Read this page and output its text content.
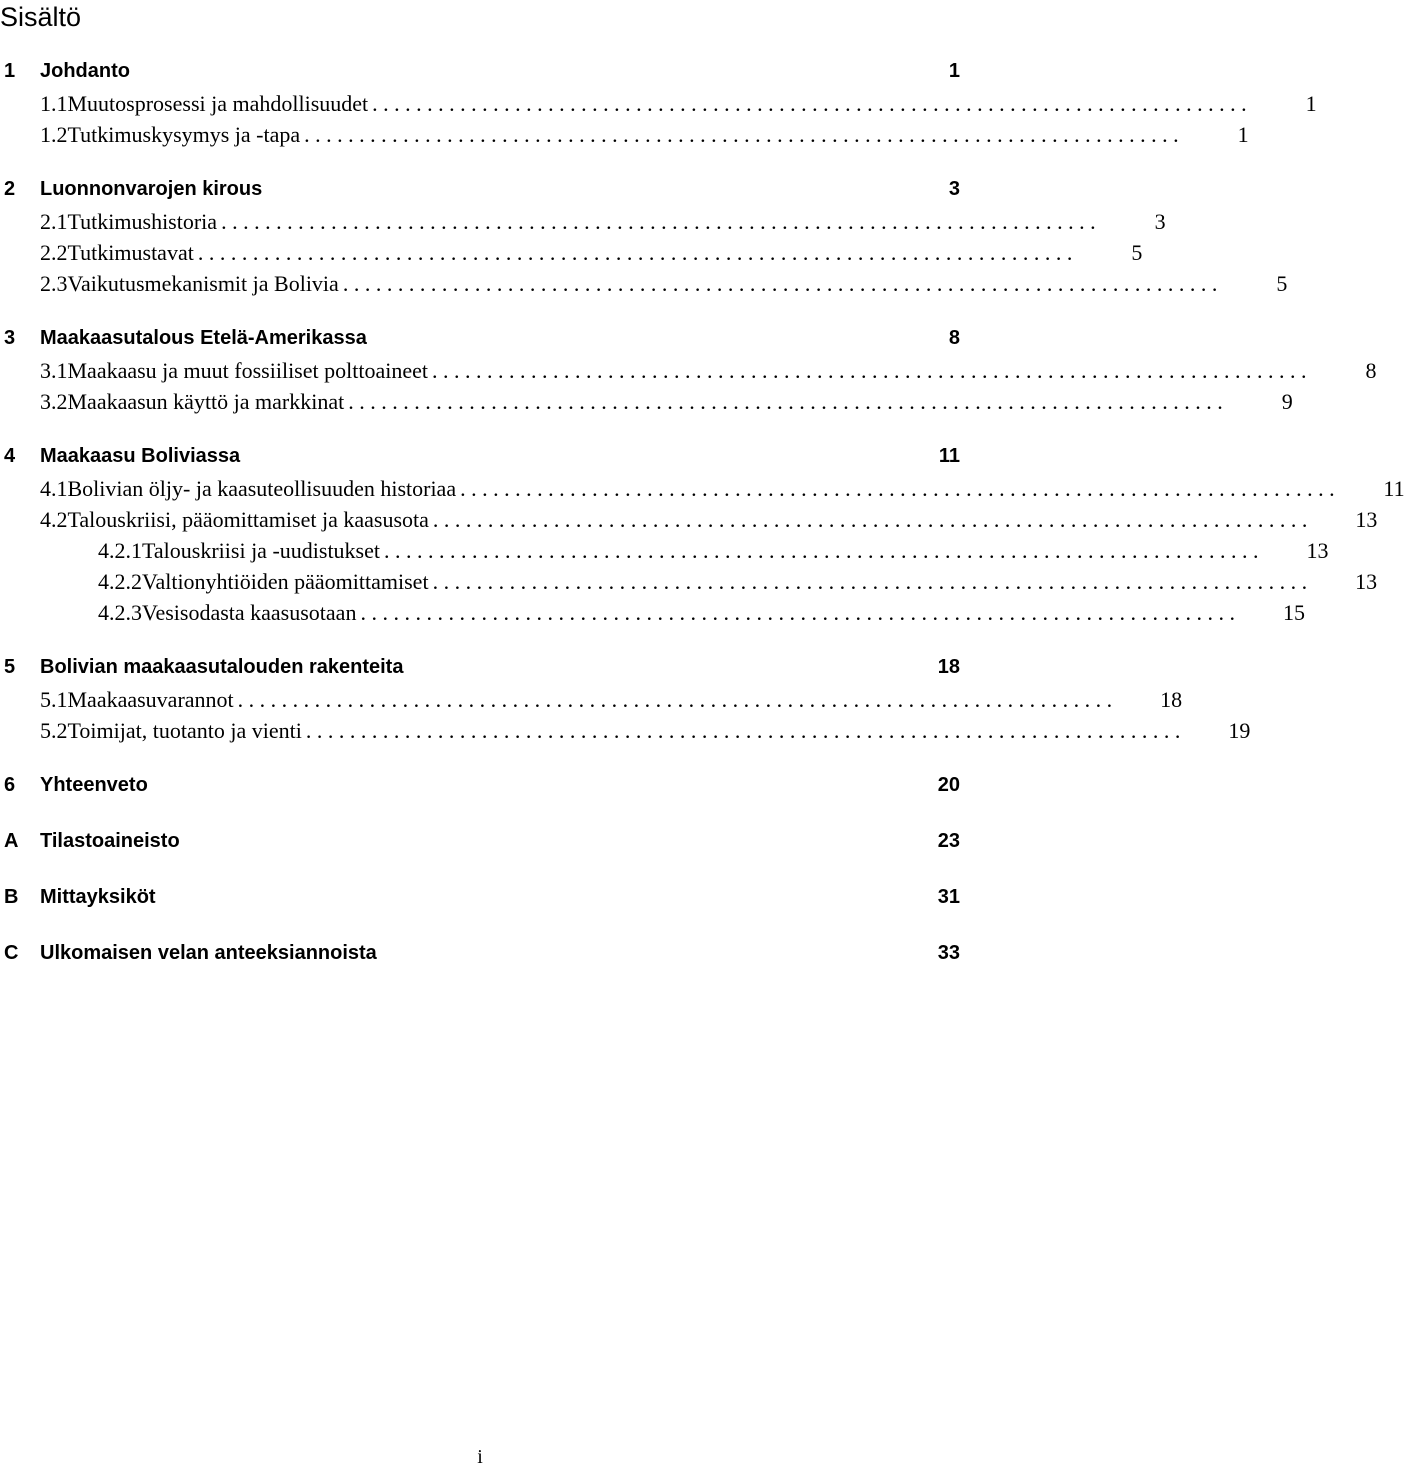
Sisältö
1	Johdanto	1
1.1 Muutosprosessi ja mahdollisuudet . . . . . . . . . . . . . . . . . . . . . . . . . . . . . . . . . . . . . . . . . . . . . . . . . . . . . . . . . . . . . . . . . . . . . . . . . . . . . . . .	1
1.2 Tutkimuskysymys ja -tapa . . . . . . . . . . . . . . . . . . . . . . . . . . . . . . . . . . . . . . . . . . . . . . . . . . . . . . . . . . . . . . . . . . . . . . . . . . . . . . . .	1
2	Luonnonvarojen kirous	3
2.1 Tutkimushistoria . . . . . . . . . . . . . . . . . . . . . . . . . . . . . . . . . . . . . . . . . . . . . . . . . . . . . . . . . . . . . . . . . . . . . . . . . . . . . . . .	3
2.2 Tutkimustavat . . . . . . . . . . . . . . . . . . . . . . . . . . . . . . . . . . . . . . . . . . . . . . . . . . . . . . . . . . . . . . . . . . . . . . . . . . . . . . . .	5
2.3 Vaikutusmekanismit ja Bolivia . . . . . . . . . . . . . . . . . . . . . . . . . . . . . . . . . . . . . . . . . . . . . . . . . . . . . . . . . . . . . . . . . . . . . . . . . . . . . . . .	5
3	Maakaasutalous Etelä-Amerikassa	8
3.1 Maakaasu ja muut fossiiliset polttoaineet . . . . . . . . . . . . . . . . . . . . . . . . . . . . . . . . . . . . . . . . . . . . . . . . . . . . . . . . . . . . . . . . . . . . . . . . . . . . . . . .	8
3.2 Maakaasun käyttö ja markkinat . . . . . . . . . . . . . . . . . . . . . . . . . . . . . . . . . . . . . . . . . . . . . . . . . . . . . . . . . . . . . . . . . . . . . . . . . . . . . . . .	9
4	Maakaasu Boliviassa	11
4.1 Bolivian öljy- ja kaasuteollisuuden historiaa . . . . . . . . . . . . . . . . . . . . . . . . . . . . . . . . . . . . . . . . . . . . . . . . . . . . . . . . . . . . . . . . . . . . . . . . . . . . . . . .	11
4.2 Talouskriisi, pääomittamiset ja kaasusota . . . . . . . . . . . . . . . . . . . . . . . . . . . . . . . . . . . . . . . . . . . . . . . . . . . . . . . . . . . . . . . . . . . . . . . . . . . . . . . .	13
4.2.1 Talouskriisi ja -uudistukset . . . . . . . . . . . . . . . . . . . . . . . . . . . . . . . . . . . . . . . . . . . . . . . . . . . . . . . . . . . . . . . . . . . . . . . . . . . . . . . .	13
4.2.2 Valtionyhtiöiden pääomittamiset . . . . . . . . . . . . . . . . . . . . . . . . . . . . . . . . . . . . . . . . . . . . . . . . . . . . . . . . . . . . . . . . . . . . . . . . . . . . . . . .	13
4.2.3 Vesisodasta kaasusotaan . . . . . . . . . . . . . . . . . . . . . . . . . . . . . . . . . . . . . . . . . . . . . . . . . . . . . . . . . . . . . . . . . . . . . . . . . . . . . . . .	15
5	Bolivian maakaasutalouden rakenteita	18
5.1 Maakaasuvarannot . . . . . . . . . . . . . . . . . . . . . . . . . . . . . . . . . . . . . . . . . . . . . . . . . . . . . . . . . . . . . . . . . . . . . . . . . . . . . . . .	18
5.2 Toimijat, tuotanto ja vienti . . . . . . . . . . . . . . . . . . . . . . . . . . . . . . . . . . . . . . . . . . . . . . . . . . . . . . . . . . . . . . . . . . . . . . . . . . . . . . . .	19
6	Yhteenveto	20
A	Tilastoaineisto	23
B	Mittayksiköt	31
C	Ulkomaisen velan anteeksiannoista	33
i
